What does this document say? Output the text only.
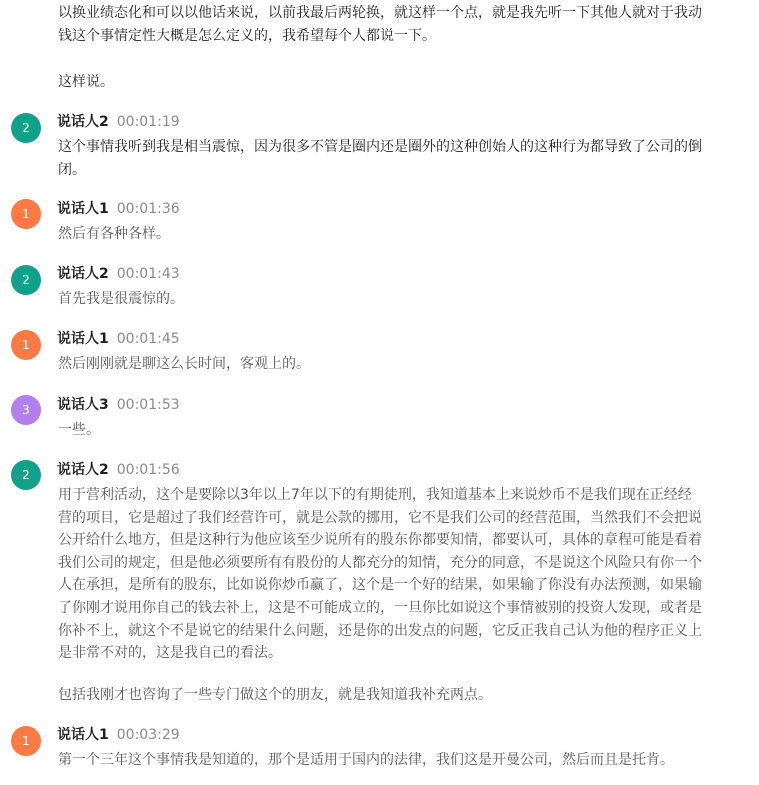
以换业绩态化和可以以他话来说，以前我最后两轮换，就这样一个点，就是我先听一下其他人就对于我动钱这个事情定性大概是怎么定义的，我希望每个人都说一下。
这样说。
2	说话人2 00:01:19
这个事情我听到我是相当震惊，因为很多不管是圈内还是圈外的这种创始人的这种行为都导致了公司的倒闭。
1	说话人1 00:01:36
然后有各种各样。
2	说话人2 00:01:43
首先我是很震惊的。
1	说话人1 00:01:45
然后刚刚就是聊这么长时间，客观上的。
3	说话人3 00:01:53
一些。
2	说话人2 00:01:56
用于营利活动，这个是要除以3年以上7年以下的有期徒刑，我知道基本上来说炒币不是我们现在正经经营的项目，它是超过了我们经营许可，就是公款的挪用，它不是我们公司的经营范围，当然我们不会把说公开给什么地方，但是这种行为他应该至少说所有的股东你都要知情，都要认可，具体的章程可能是看着我们公司的规定，但是他必须要所有有股份的人都充分的知情，充分的同意，不是说这个风险只有你一个人在承担，是所有的股东，比如说你炒币赢了，这个是一个好的结果，如果输了你没有办法预测，如果输了你刚才说用你自己的钱去补上，这是不可能成立的，一旦你比如说这个事情被别的投资人发现，或者是你补不上，就这个不是说它的结果什么问题，还是你的出发点的问题，它反正我自己认为他的程序正义上是非常不对的，这是我自己的看法。
包括我刚才也咨询了一些专门做这个的朋友，就是我知道我补充两点。
1	说话人1 00:03:29
第一个三年这个事情我是知道的，那个是适用于国内的法律，我们这是开曼公司，然后而且是托肯。
